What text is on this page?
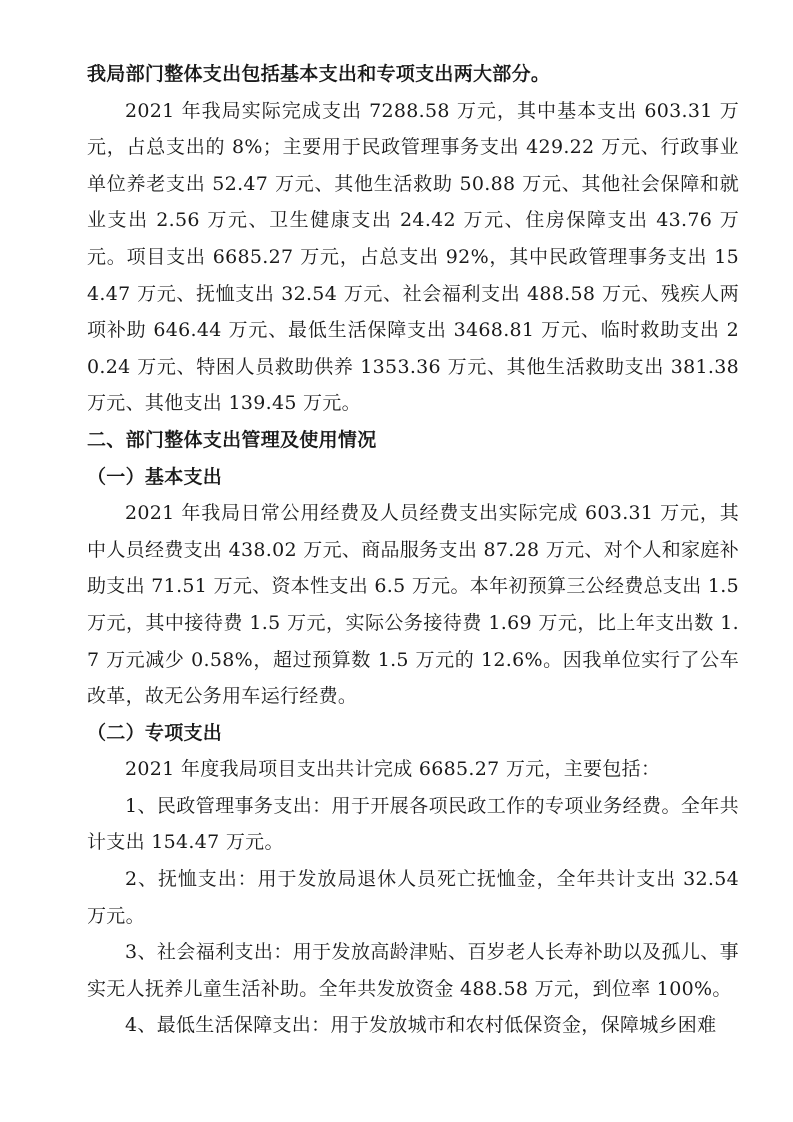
我局部门整体支出包括基本支出和专项支出两大部分。

2021 年我局实际完成支出 7288.58 万元，其中基本支出 603.31 万元，占总支出的 8%；主要用于民政管理事务支出 429.22 万元、行政事业单位养老支出 52.47 万元、其他生活救助 50.88 万元、其他社会保障和就业支出 2.56 万元、卫生健康支出 24.42 万元、住房保障支出 43.76 万元。项目支出 6685.27 万元，占总支出 92%，其中民政管理事务支出 154.47 万元、抚恤支出 32.54 万元、社会福利支出 488.58 万元、残疾人两项补助 646.44 万元、最低生活保障支出 3468.81 万元、临时救助支出 20.24 万元、特困人员救助供养 1353.36 万元、其他生活救助支出 381.38 万元、其他支出 139.45 万元。

二、部门整体支出管理及使用情况

（一）基本支出

2021 年我局日常公用经费及人员经费支出实际完成 603.31 万元，其中人员经费支出 438.02 万元、商品服务支出 87.28 万元、对个人和家庭补助支出 71.51 万元、资本性支出 6.5 万元。本年初预算三公经费总支出 1.5 万元，其中接待费 1.5 万元，实际公务接待费 1.69 万元，比上年支出数 1.7 万元减少 0.58%，超过预算数 1.5 万元的 12.6%。因我单位实行了公车改革，故无公务用车运行经费。

（二）专项支出

2021 年度我局项目支出共计完成 6685.27 万元，主要包括：

1、民政管理事务支出：用于开展各项民政工作的专项业务经费。全年共计支出 154.47 万元。

2、抚恤支出：用于发放局退休人员死亡抚恤金，全年共计支出 32.54 万元。

3、社会福利支出：用于发放高龄津贴、百岁老人长寿补助以及孤儿、事实无人抚养儿童生活补助。全年共发放资金 488.58 万元，到位率 100%。

4、最低生活保障支出：用于发放城市和农村低保资金，保障城乡困难
